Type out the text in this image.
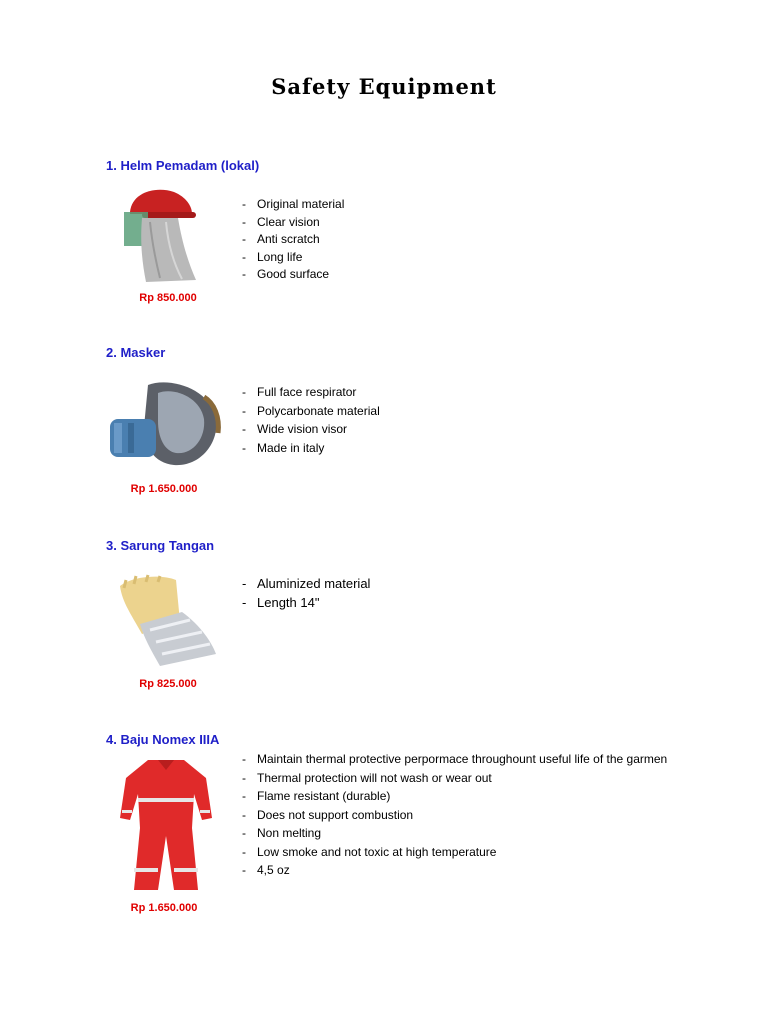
Safety Equipment
1. Helm Pemadam (lokal)
Rp 850.000
- Original material
- Clear vision
- Anti scratch
- Long life
- Good surface
2. Masker
Rp 1.650.000
- Full face respirator
- Polycarbonate material
- Wide vision visor
- Made in italy
3. Sarung Tangan
Rp 825.000
- Aluminized material
- Length 14"
4. Baju Nomex IIIA
Rp 1.650.000
- Maintain thermal protective perpormace throughount useful life of the garmen
- Thermal protection will not wash or wear out
- Flame resistant (durable)
- Does not support combustion
- Non melting
- Low smoke and not toxic at high temperature
- 4,5 oz
